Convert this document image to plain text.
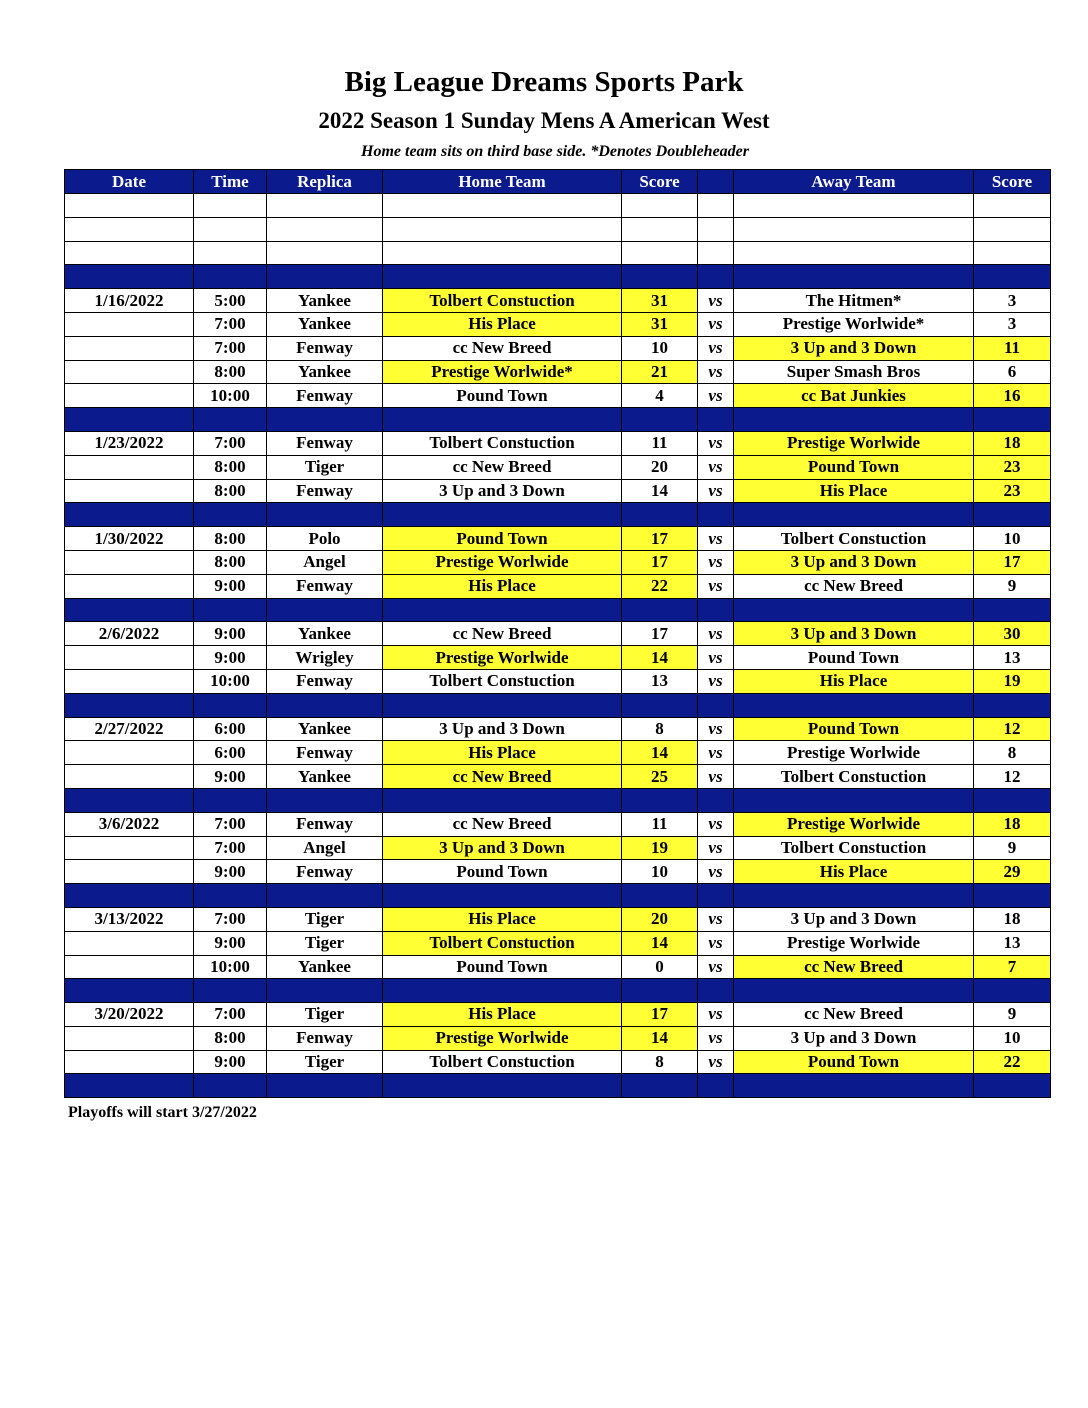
Big League Dreams Sports Park
2022 Season 1 Sunday Mens A American West
Home team sits on third base side. *Denotes Doubleheader
Date	Time	Replica	Home Team	Score		Away Team	Score

1/16/2022	5:00	Yankee	Tolbert Constuction	31	vs	The Hitmen*	3
	7:00	Yankee	His Place	31	vs	Prestige Worlwide*	3
	7:00	Fenway	cc New Breed	10	vs	3 Up and 3 Down	11
	8:00	Yankee	Prestige Worlwide*	21	vs	Super Smash Bros	6
	10:00	Fenway	Pound Town	4	vs	cc Bat Junkies	16

1/23/2022	7:00	Fenway	Tolbert Constuction	11	vs	Prestige Worlwide	18
	8:00	Tiger	cc New Breed	20	vs	Pound Town	23
	8:00	Fenway	3 Up and 3 Down	14	vs	His Place	23

1/30/2022	8:00	Polo	Pound Town	17	vs	Tolbert Constuction	10
	8:00	Angel	Prestige Worlwide	17	vs	3 Up and 3 Down	17
	9:00	Fenway	His Place	22	vs	cc New Breed	9

2/6/2022	9:00	Yankee	cc New Breed	17	vs	3 Up and 3 Down	30
	9:00	Wrigley	Prestige Worlwide	14	vs	Pound Town	13
	10:00	Fenway	Tolbert Constuction	13	vs	His Place	19

2/27/2022	6:00	Yankee	3 Up and 3 Down	8	vs	Pound Town	12
	6:00	Fenway	His Place	14	vs	Prestige Worlwide	8
	9:00	Yankee	cc New Breed	25	vs	Tolbert Constuction	12

3/6/2022	7:00	Fenway	cc New Breed	11	vs	Prestige Worlwide	18
	7:00	Angel	3 Up and 3 Down	19	vs	Tolbert Constuction	9
	9:00	Fenway	Pound Town	10	vs	His Place	29

3/13/2022	7:00	Tiger	His Place	20	vs	3 Up and 3 Down	18
	9:00	Tiger	Tolbert Constuction	14	vs	Prestige Worlwide	13
	10:00	Yankee	Pound Town	0	vs	cc New Breed	7

3/20/2022	7:00	Tiger	His Place	17	vs	cc New Breed	9
	8:00	Fenway	Prestige Worlwide	14	vs	3 Up and 3 Down	10
	9:00	Tiger	Tolbert Constuction	8	vs	Pound Town	22

Playoffs will start 3/27/2022
